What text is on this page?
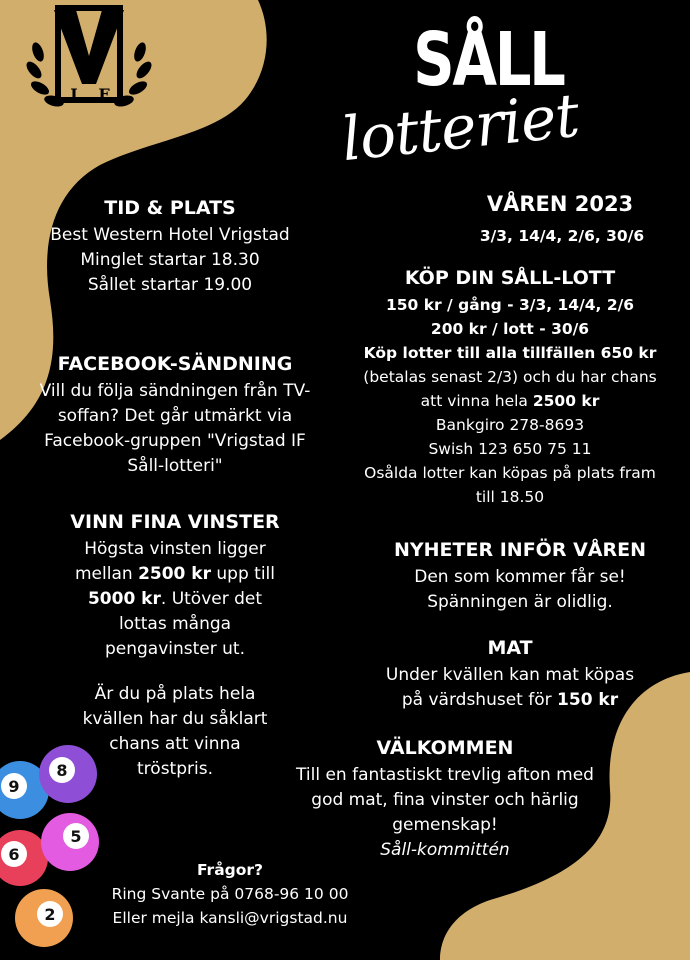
I F	SÅLL
lotteriet
VÅREN 2023
3/3, 14/4, 2/6, 30/6
TID & PLATS
Best Western Hotel Vrigstad
Minglet startar 18.30
Sållet startar 19.00
FACEBOOK-SÄNDNING
Vill du följa sändningen från TV-
soffan? Det går utmärkt via
Facebook-gruppen "Vrigstad IF
Såll-lotteri"
VINN FINA VINSTER
Högsta vinsten ligger
mellan 2500 kr upp till
5000 kr. Utöver det
lottas många
pengavinster ut.
Är du på plats hela
kvällen har du såklart
chans att vinna
tröstpris.
KÖP DIN SÅLL-LOTT
150 kr / gång - 3/3, 14/4, 2/6
200 kr / lott - 30/6
Köp lotter till alla tillfällen 650 kr
(betalas senast 2/3) och du har chans
att vinna hela 2500 kr
Bankgiro 278-8693
Swish 123 650 75 11
Osålda lotter kan köpas på plats fram
till 18.50
NYHETER INFÖR VÅREN
Den som kommer får se!
Spänningen är olidlig.
MAT
Under kvällen kan mat köpas
på värdshuset för 150 kr
VÄLKOMMEN
Till en fantastiskt trevlig afton med
god mat, fina vinster och härlig
gemenskap!
Såll-kommittén
Frågor?
Ring Svante på 0768-96 10 00
Eller mejla kansli@vrigstad.nu
9
8
6
5
2
